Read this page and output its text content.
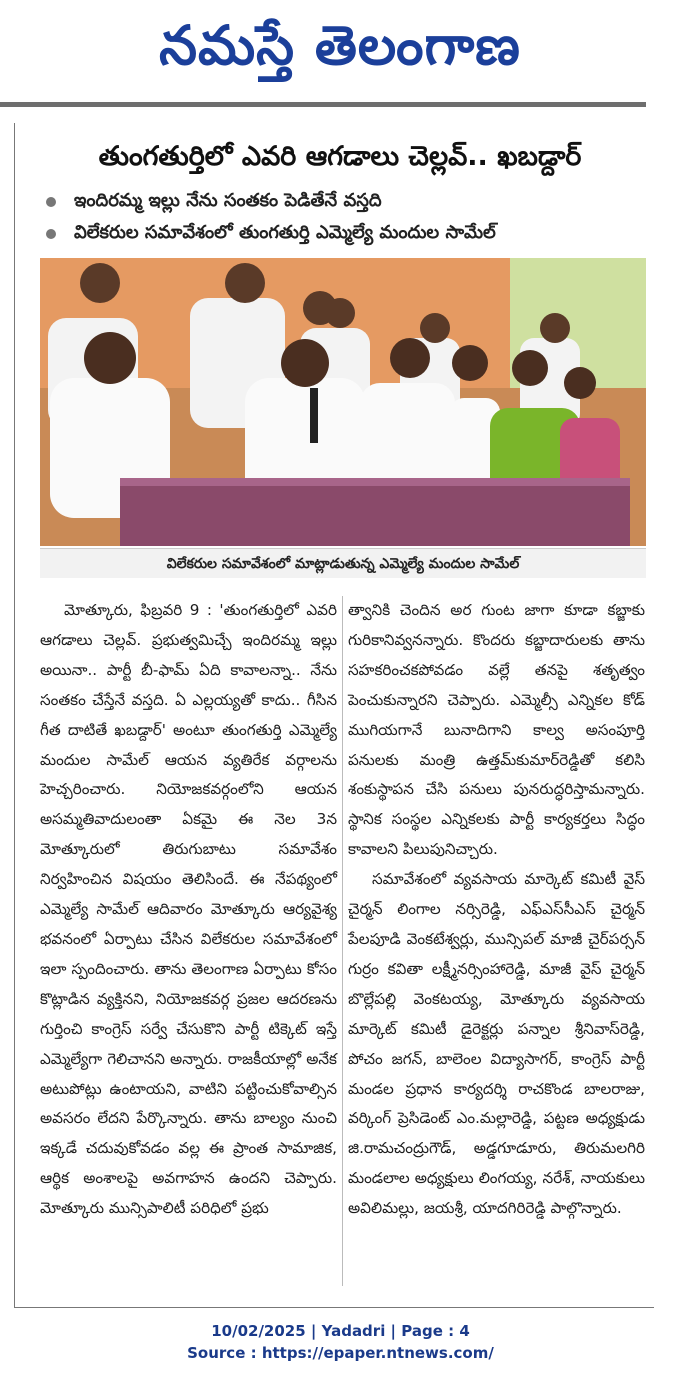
నమస్తే తెలంగాణ
తుంగతుర్తిలో ఎవరి ఆగడాలు చెల్లవ్.. ఖబడ్దార్
ఇందిరమ్మ ఇల్లు నేను సంతకం పెడితేనే వస్తది
విలేకరుల సమావేశంలో తుంగతుర్తి ఎమ్మెల్యే మందుల సామేల్
విలేకరుల సమావేశంలో మాట్లాడుతున్న ఎమ్మెల్యే మందుల సామేల్

మోత్కూరు, ఫిబ్రవరి 9 : 'తుంగతుర్తిలో ఎవరి ఆగడాలు చెల్లవ్. ప్రభుత్వమిచ్చే ఇందిరమ్మ ఇల్లు అయినా.. పార్టీ బీ-ఫామ్ ఏది కావాలన్నా.. నేను సంతకం చేస్తేనే వస్తది. ఏ ఎల్లయ్యతో కాదు.. గీసిన గీత దాటితే ఖబడ్దార్' అంటూ తుంగతుర్తి ఎమ్మెల్యే మందుల సామేల్ ఆయన వ్యతిరేక వర్గాలను హెచ్చరించారు. నియోజకవర్గంలోని ఆయన అసమ్మతివాదులంతా ఏకమై ఈ నెల 3న మోత్కూరులో తిరుగుబాటు సమావేశం నిర్వహించిన విషయం తెలిసిందే. ఈ నేపథ్యంలో ఎమ్మెల్యే సామేల్ ఆదివారం మోత్కూరు ఆర్యవైశ్య భవనంలో ఏర్పాటు చేసిన విలేకరుల సమావేశంలో ఇలా స్పందించారు. తాను తెలంగాణ ఏర్పాటు కోసం కొట్లాడిన వ్యక్తినని, నియోజకవర్గ ప్రజల ఆదరణను గుర్తించి కాంగ్రెస్ సర్వే చేసుకొని పార్టీ టిక్కెట్ ఇస్తే ఎమ్మెల్యేగా గెలిచానని అన్నారు. రాజకీయాల్లో అనేక అటుపోట్లు ఉంటాయని, వాటిని పట్టించుకోవాల్సిన అవసరం లేదని పేర్కొన్నారు. తాను బాల్యం నుంచి ఇక్కడే చదువుకోవడం వల్ల ఈ ప్రాంత సామాజిక, ఆర్థిక అంశాలపై అవగాహన ఉందని చెప్పారు. మోత్కూరు మున్సిపాలిటీ పరిధిలో ప్రభు

త్వానికి చెందిన అర గుంట జాగా కూడా కబ్జాకు గురికానివ్వనన్నారు. కొందరు కబ్జాదారులకు తాను సహకరించకపోవడం వల్లే తనపై శతృత్వం పెంచుకున్నారని చెప్పారు. ఎమ్మెల్సీ ఎన్నికల కోడ్ ముగియగానే బునాదిగాని కాల్వ అసంపూర్తి పనులకు మంత్రి ఉత్తమ్‌కుమార్‌రెడ్డితో కలిసి శంకుస్థాపన చేసి పనులు పునరుద్ధరిస్తామన్నారు. స్థానిక సంస్థల ఎన్నికలకు పార్టీ కార్యకర్తలు సిద్ధం కావాలని పిలుపునిచ్చారు.

సమావేశంలో వ్యవసాయ మార్కెట్ కమిటీ వైస్ చైర్మన్ లింగాల నర్సిరెడ్డి, ఎఫ్‌ఎస్‌సీఎస్ చైర్మన్ పేలపూడి వెంకటేశ్వర్లు, మున్సిపల్ మాజీ చైర్‌పర్సన్ గుర్రం కవితా లక్ష్మీనర్సింహారెడ్డి, మాజీ వైస్ చైర్మన్ బొల్లేపల్లి వెంకటయ్య, మోత్కూరు వ్యవసాయ మార్కెట్ కమిటీ డైరెక్టర్లు పన్నాల శ్రీనివాస్‌రెడ్డి, పోచం జగన్, బాలెంల విద్యాసాగర్, కాంగ్రెస్ పార్టీ మండల ప్రధాన కార్యదర్శి రాచకొండ బాలరాజు, వర్కింగ్ ప్రెసిడెంట్ ఎం.మల్లారెడ్డి, పట్టణ అధ్యక్షుడు జి.రామచంద్రుగౌడ్, అడ్డగూడూరు, తిరుమలగిరి మండలాల అధ్యక్షులు లింగయ్య, నరేశ్, నాయకులు అవిలిమల్లు, జయశ్రీ, యాదగిరిరెడ్డి పాల్గొన్నారు.

10/02/2025 | Yadadri | Page : 4
Source : https://epaper.ntnews.com/
